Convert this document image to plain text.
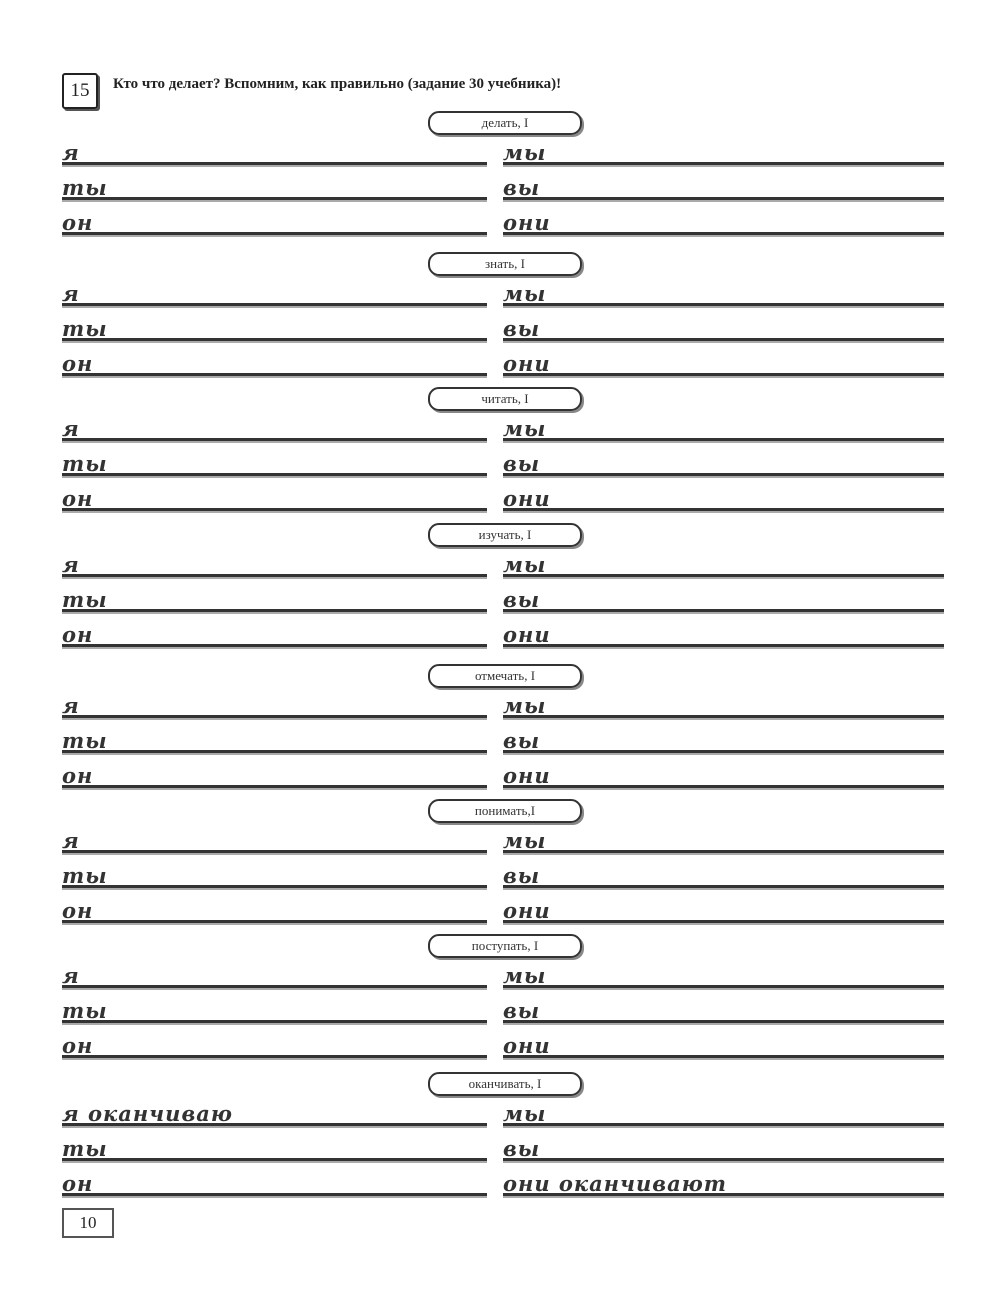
15	Кто что делает? Вспомним, как правильно (задание 30 учебника)!
делать, I
я	мы
ты	вы
он	они
знать, I
я	мы
ты	вы
он	они
читать, I
я	мы
ты	вы
он	они
изучать, I
я	мы
ты	вы
он	они
отмечать, I
я	мы
ты	вы
он	они
понимать,I
я	мы
ты	вы
он	они
поступать, I
я	мы
ты	вы
он	они
оканчивать, I
я оканчиваю	мы
ты	вы
он	они оканчивают
10
